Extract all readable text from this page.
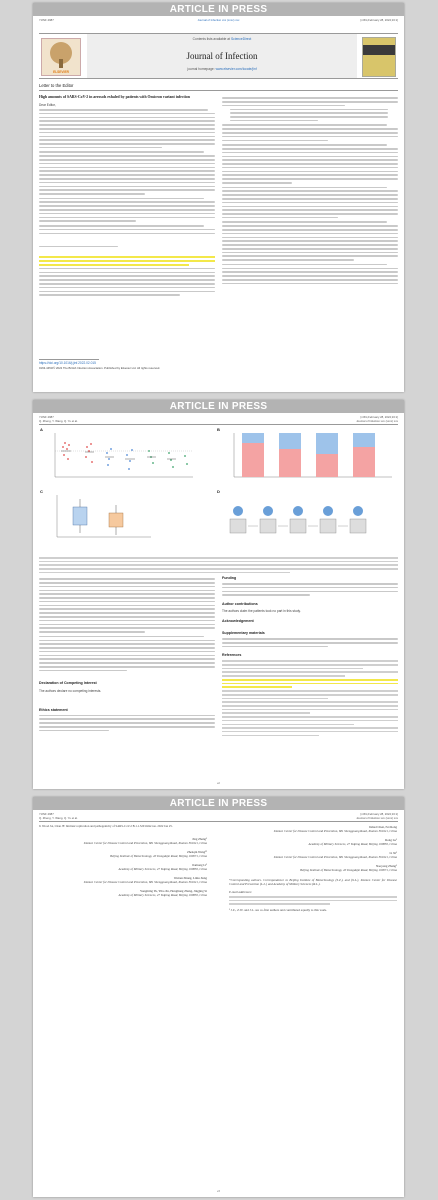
ARTICLE IN PRESS
YJINF 4987	Journal of Infection xxx (xxxx) xxx	[m5G;February 28, 2022;16:1]
ELSEVIER
Contents lists available at ScienceDirect
Journal of Infection
journal homepage: www.elsevier.com/locate/jinf
Letter to the Editor
High amounts of SARS-CoV-2 in aerosols exhaled by patients with Omicron variant infection
Dear Editor,
https://doi.org/10.1016/j.jinf.2022.02.015
0163-4453/© 2022 The British Infection Association. Published by Elsevier Ltd. All rights reserved.
ARTICLE IN PRESS
YJINF 4987	[m5G;February 28, 2022;16:1]
Q. Zheng, Y. Wang, Q. Yu et al.	Journal of Infection xxx (xxxx) xxx
A	B
C	D
Declaration of Competing Interest
The authors declare no competing interests.
Ethics statement
Funding
Author contributions
The authors claim the patients took no part in this study.
Acknowledgement
Supplementary materials
References
e2
ARTICLE IN PRESS
YJINF 4987	[m5G;February 28, 2022;16:1]
Q. Zheng, Y. Wang, Q. Yu et al.	Journal of Infection xxx (xxxx) xxx
9. Wood JA, Chan JF. Intrinsic replication and pathogenicity of SARS-CoV-2 B.1.1.529 Omicron. 2022 Jan 25.
Jing Zheng¹
Xiamen Center for Disease Control and Prevention, 681 Shengguang Road, Xiamen 361021, China
Zhenqin Wang¹²
Beijing Institute of Biotechnology, 20 Dongdajie Road, Beijing 100071, China
Jiamong Li¹
Academy of Military Sciences, 27 Taiping Road, Beijing 100850, China
Weiren Zhang, Limu Jiang
Xiamen Center for Disease Control and Prevention, 681 Shengguang Road, Xiamen 361021, China
Yongming Yu, Yibo Jin, Hongliang Zhang, Jingjing Si
Academy of Military Sciences, 27 Taiping Road, Beijing 100850, China
Jished Chen, Fei Rong
Xiamen Center for Disease Control and Prevention, 681 Shengguang Road, Xiamen 361021, China
Rong Lu¹
Academy of Military Sciences, 27 Taiping Road, Beijing 100850, China
Li Xi¹
Xiamen Center for Disease Control and Prevention, 681 Shengguang Road, Xiamen 361021, China
Naoyong Zhang¹
Beijing Institute of Biotechnology, 20 Dongdajie Road, Beijing 100071, China
*Corresponding authors. Correspondence to Beijing Institute of Biotechnology (S.Z.), and (X.L.), Xiamen Center for Disease Control and Prevention (L.L.) and Academy of Military Sciences (R.L.).
E-mail addresses:
¹ J.Z., Z.W. and J.L. are co-first authors and contributed equally to this work.
e3
